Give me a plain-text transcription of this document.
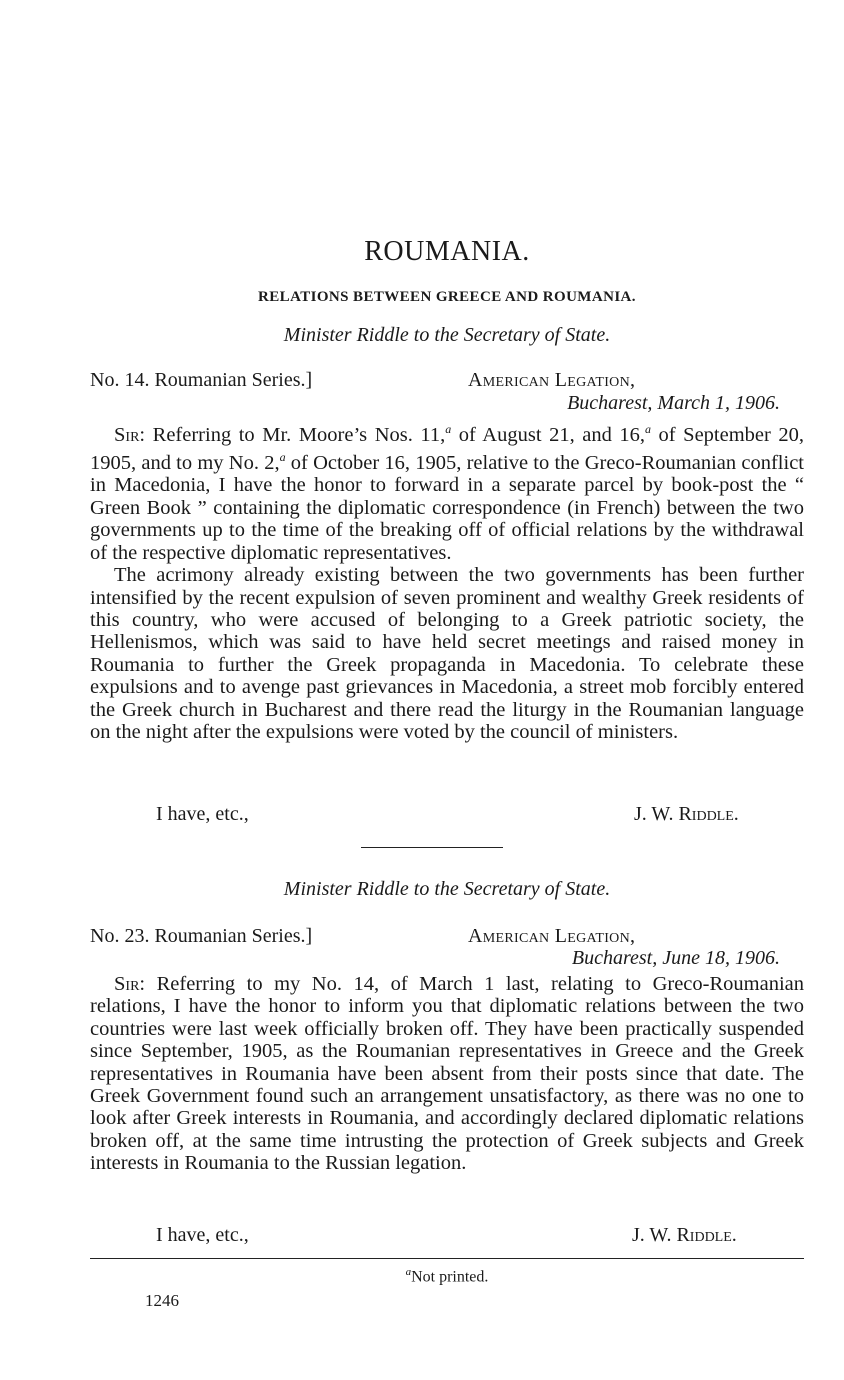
ROUMANIA.
RELATIONS BETWEEN GREECE AND ROUMANIA.
Minister Riddle to the Secretary of State.
No. 14. Roumanian Series.]	American Legation,
Bucharest, March 1, 1906.

Sir: Referring to Mr. Moore’s Nos. 11,$^a$ of August 21, and 16,$^a$ of September 20, 1905, and to my No. 2,$^a$ of October 16, 1905, relative to the Greco-Roumanian conflict in Macedonia, I have the honor to forward in a separate parcel by book-post the “ Green Book ” containing the diplomatic correspondence (in French) between the two governments up to the time of the breaking off of official relations by the withdrawal of the respective diplomatic representatives.

The acrimony already existing between the two governments has been further intensified by the recent expulsion of seven prominent and wealthy Greek residents of this country, who were accused of belonging to a Greek patriotic society, the Hellenismos, which was said to have held secret meetings and raised money in Roumania to further the Greek propaganda in Macedonia. To celebrate these expulsions and to avenge past grievances in Macedonia, a street mob forcibly entered the Greek church in Bucharest and there read the liturgy in the Roumanian language on the night after the expulsions were voted by the council of ministers.

I have, etc.,	J. W. Riddle.
Minister Riddle to the Secretary of State.
No. 23. Roumanian Series.]	American Legation,
Bucharest, June 18, 1906.

Sir: Referring to my No. 14, of March 1 last, relating to Greco-Roumanian relations, I have the honor to inform you that diplomatic relations between the two countries were last week officially broken off. They have been practically suspended since September, 1905, as the Roumanian representatives in Greece and the Greek representatives in Roumania have been absent from their posts since that date. The Greek Government found such an arrangement unsatisfactory, as there was no one to look after Greek interests in Roumania, and accordingly declared diplomatic relations broken off, at the same time intrusting the protection of Greek subjects and Greek interests in Roumania to the Russian legation.

I have, etc.,	J. W. Riddle.
$^a$Not printed.
1246
